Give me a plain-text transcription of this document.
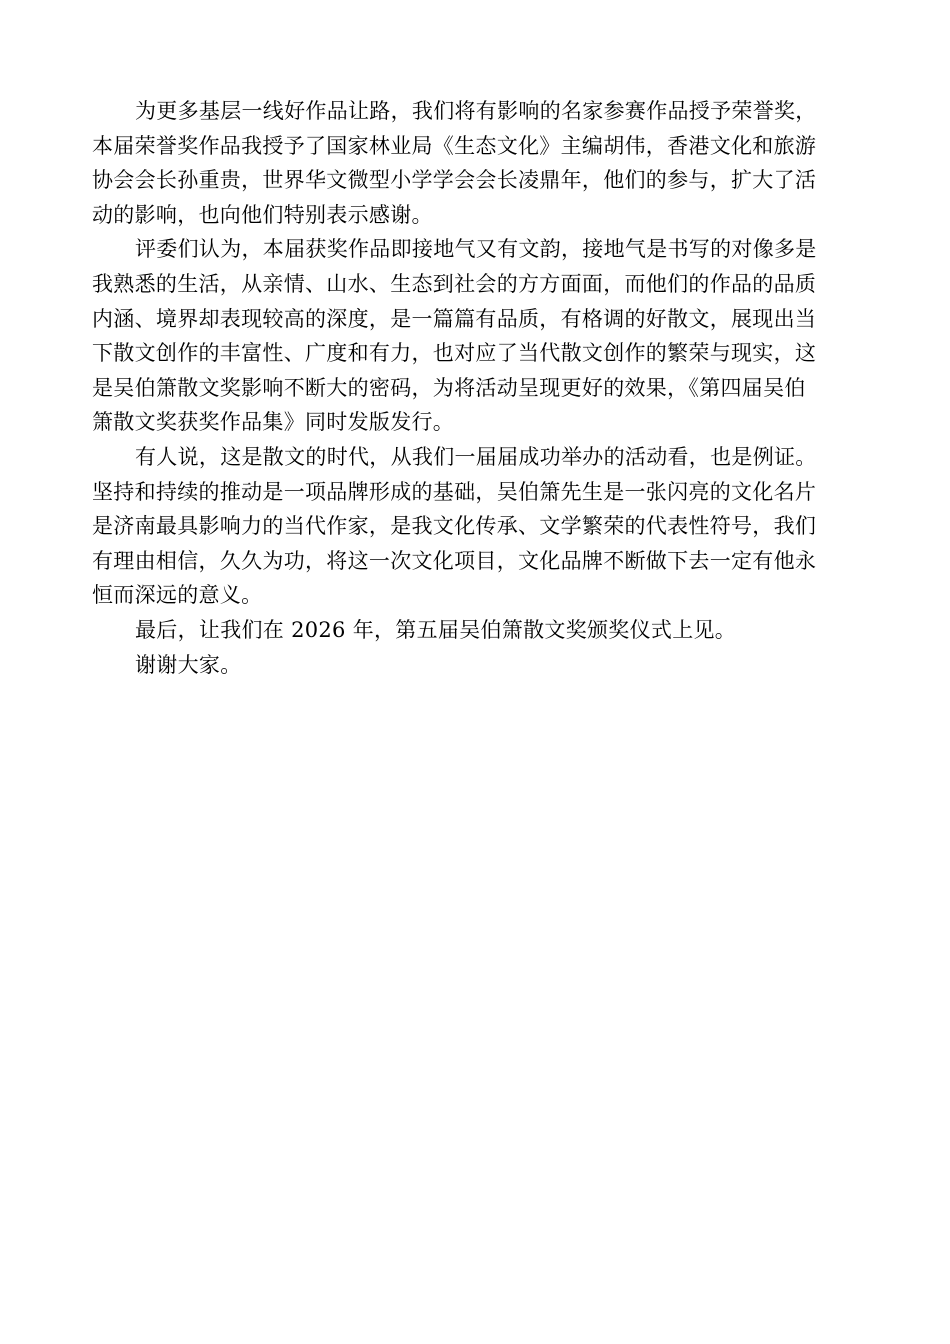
为更多基层一线好作品让路，我们将有影响的名家参赛作品授予荣誉奖，
本届荣誉奖作品我授予了国家林业局《生态文化》主编胡伟，香港文化和旅游
协会会长孙重贵，世界华文微型小学学会会长凌鼎年，他们的参与，扩大了活
动的影响，也向他们特别表示感谢。

评委们认为，本届获奖作品即接地气又有文韵，接地气是书写的对像多是
我熟悉的生活，从亲情、山水、生态到社会的方方面面，而他们的作品的品质
内涵、境界却表现较高的深度，是一篇篇有品质，有格调的好散文，展现出当
下散文创作的丰富性、广度和有力，也对应了当代散文创作的繁荣与现实，这
是吴伯箫散文奖影响不断大的密码，为将活动呈现更好的效果，《第四届吴伯
箫散文奖获奖作品集》同时发版发行。

有人说，这是散文的时代，从我们一届届成功举办的活动看，也是例证。
坚持和持续的推动是一项品牌形成的基础，吴伯箫先生是一张闪亮的文化名片
是济南最具影响力的当代作家，是我文化传承、文学繁荣的代表性符号，我们
有理由相信，久久为功，将这一次文化项目，文化品牌不断做下去一定有他永
恒而深远的意义。

最后，让我们在 2026 年，第五届吴伯箫散文奖颁奖仪式上见。

谢谢大家。
